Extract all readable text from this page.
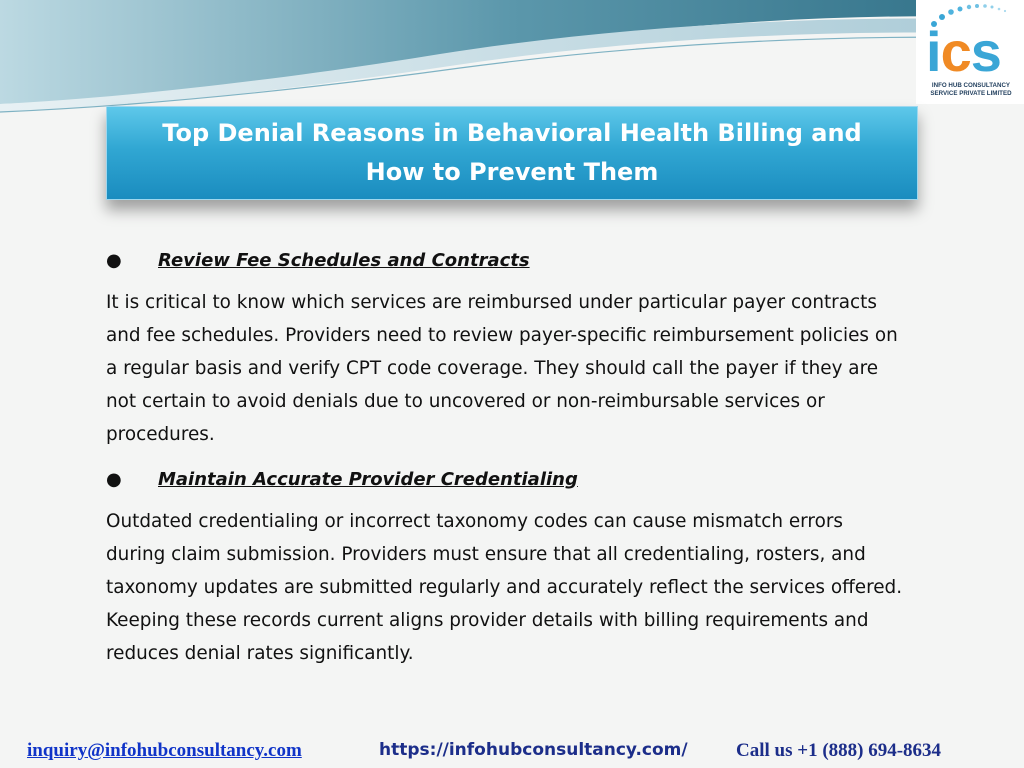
ics
INFO HUB CONSULTANCY
SERVICE PRIVATE LIMITED
Top Denial Reasons in Behavioral Health Billing and
How to Prevent Them
●	Review Fee Schedules and Contracts

It is critical to know which services are reimbursed under particular payer contracts and fee schedules. Providers need to review payer-specific reimbursement policies on a regular basis and verify CPT code coverage. They should call the payer if they are not certain to avoid denials due to uncovered or non-reimbursable services or procedures.

●	Maintain Accurate Provider Credentialing

Outdated credentialing or incorrect taxonomy codes can cause mismatch errors during claim submission. Providers must ensure that all credentialing, rosters, and taxonomy updates are submitted regularly and accurately reflect the services offered. Keeping these records current aligns provider details with billing requirements and reduces denial rates significantly.

inquiry@infohubconsultancy.com	https://infohubconsultancy.com/	Call us +1 (888) 694-8634
